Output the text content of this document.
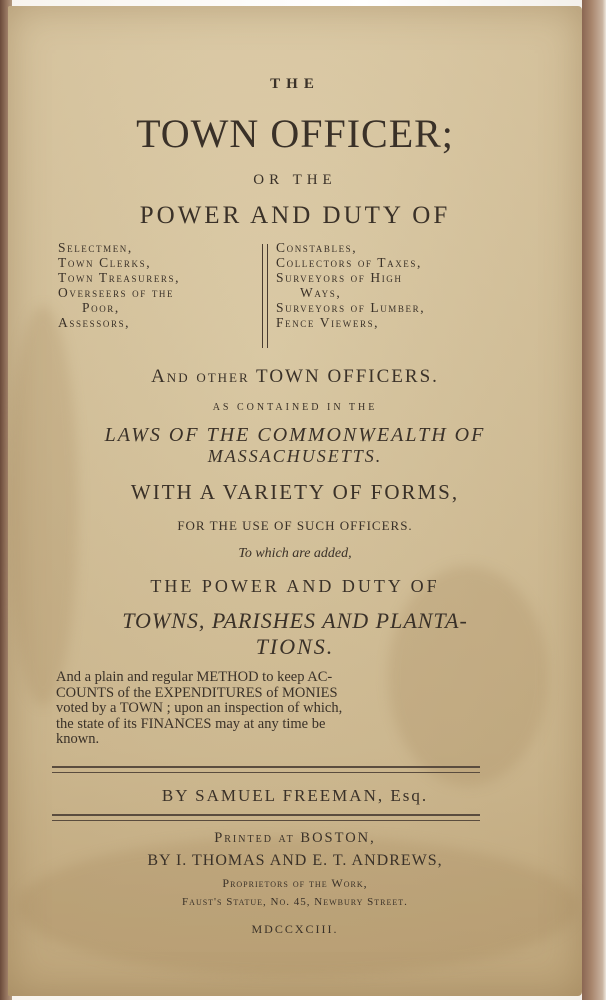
THE
TOWN OFFICER;
OR THE
POWER AND DUTY OF
Selectmen,
Town Clerks,
Town Treasurers,
Overseers of the
Poor,
Assessors,
Constables,
Collectors of Taxes,
Surveyors of High
Ways,
Surveyors of Lumber,
Fence Viewers,
And other TOWN OFFICERS.
AS CONTAINED IN THE
LAWS OF THE COMMONWEALTH OF
MASSACHUSETTS.
WITH A VARIETY OF FORMS,
FOR THE USE OF SUCH OFFICERS.
To which are added,
THE POWER AND DUTY OF
TOWNS, PARISHES AND PLANTA-
TIONS.
And a plain and regular METHOD to keep AC-
COUNTS of the EXPENDITURES of MONIES
voted by a TOWN ; upon an inspection of which,
the state of its FINANCES may at any time be
known.
BY SAMUEL FREEMAN, Esq.
Printed at BOSTON,
BY I. THOMAS AND E. T. ANDREWS,
Proprietors of the Work,
Faust's Statue, No. 45, Newbury Street.
MDCCXCIII.
